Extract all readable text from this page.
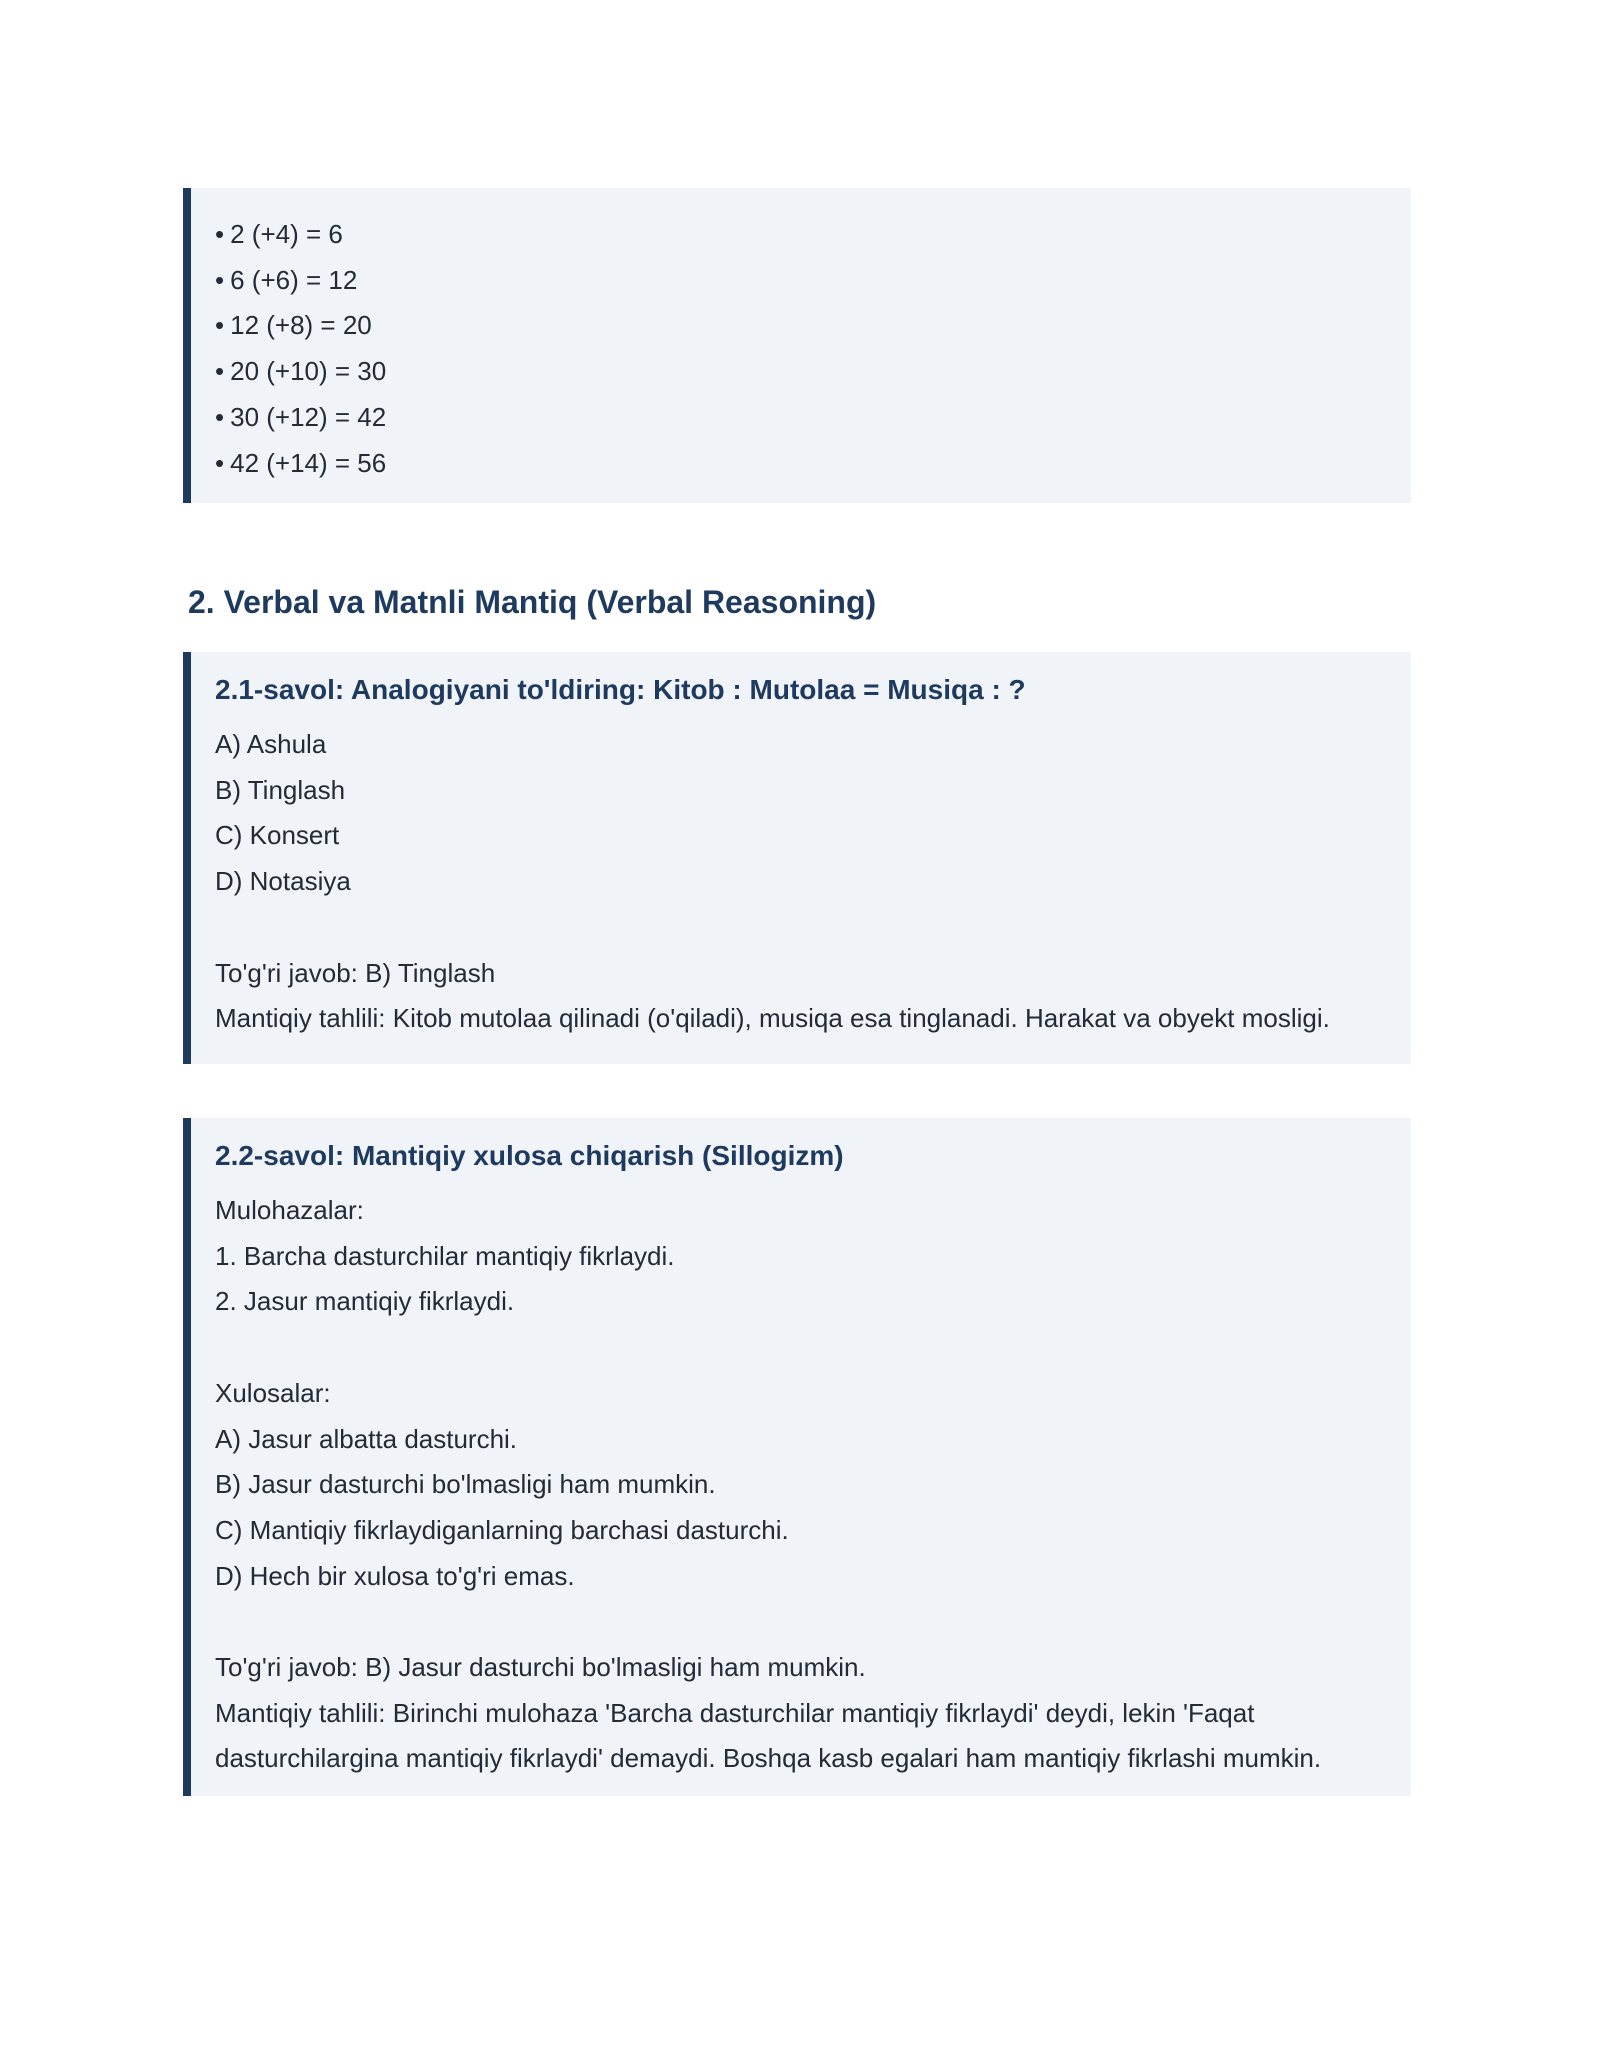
• 2 (+4) = 6
• 6 (+6) = 12
• 12 (+8) = 20
• 20 (+10) = 30
• 30 (+12) = 42
• 42 (+14) = 56
2. Verbal va Matnli Mantiq (Verbal Reasoning)
2.1-savol: Analogiyani to'ldiring: Kitob : Mutolaa = Musiqa : ?
A) Ashula
B) Tinglash
C) Konsert
D) Notasiya
To'g'ri javob: B) Tinglash
Mantiqiy tahlili: Kitob mutolaa qilinadi (o'qiladi), musiqa esa tinglanadi. Harakat va obyekt mosligi.
2.2-savol: Mantiqiy xulosa chiqarish (Sillogizm)
Mulohazalar:
1. Barcha dasturchilar mantiqiy fikrlaydi.
2. Jasur mantiqiy fikrlaydi.
Xulosalar:
A) Jasur albatta dasturchi.
B) Jasur dasturchi bo'lmasligi ham mumkin.
C) Mantiqiy fikrlaydiganlarning barchasi dasturchi.
D) Hech bir xulosa to'g'ri emas.
To'g'ri javob: B) Jasur dasturchi bo'lmasligi ham mumkin.
Mantiqiy tahlili: Birinchi mulohaza 'Barcha dasturchilar mantiqiy fikrlaydi' deydi, lekin 'Faqat
dasturchilargina mantiqiy fikrlaydi' demaydi. Boshqa kasb egalari ham mantiqiy fikrlashi mumkin.
